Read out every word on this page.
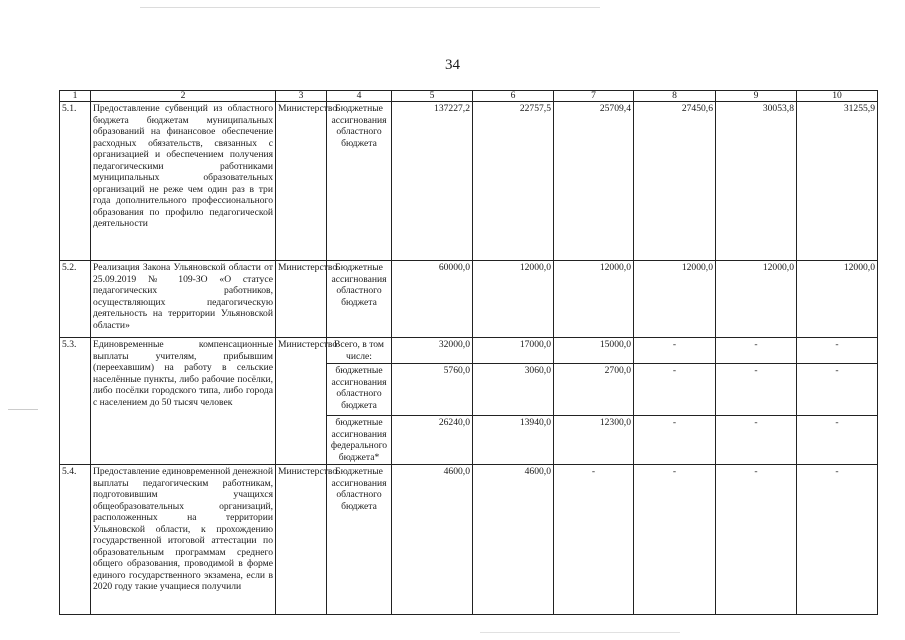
34
1	2	3	4	5	6	7	8	9	10
5.1.	Предоставление субвенций из областного бюджета бюджетам муниципальных образований на финансовое обеспечение расходных обязательств, связанных с организацией и обеспечением получения педагогическими работниками муниципальных образовательных организаций не реже чем один раз в три года дополнительного профессионального образования по профилю педагогической деятельности	Министерство	Бюджетные ассигнования областного бюджета	137227,2	22757,5	25709,4	27450,6	30053,8	31255,9
5.2.	Реализация Закона Ульяновской области от 25.09.2019 № 109-ЗО «О статусе педагогических работников, осуществляющих педагогическую деятельность на территории Ульяновской области»	Министерство	Бюджетные ассигнования областного бюджета	60000,0	12000,0	12000,0	12000,0	12000,0	12000,0
5.3.	Единовременные компенсационные выплаты учителям, прибывшим (переехавшим) на работу в сельские населённые пункты, либо рабочие посёлки, либо посёлки городского типа, либо города с населением до 50 тысяч человек	Министерство	Всего, в том числе:	32000,0	17000,0	15000,0	-	-	-
			бюджетные ассигнования областного бюджета	5760,0	3060,0	2700,0	-	-	-
			бюджетные ассигнования федерального бюджета*	26240,0	13940,0	12300,0	-	-	-
5.4.	Предоставление единовременной денежной выплаты педагогическим работникам, подготовившим учащихся общеобразовательных организаций, расположенных на территории Ульяновской области, к прохождению государственной итоговой аттестации по образовательным программам среднего общего образования, проводимой в форме единого государственного экзамена, если в 2020 году такие учащиеся получили	Министерство	Бюджетные ассигнования областного бюджета	4600,0	4600,0	-	-	-	-
